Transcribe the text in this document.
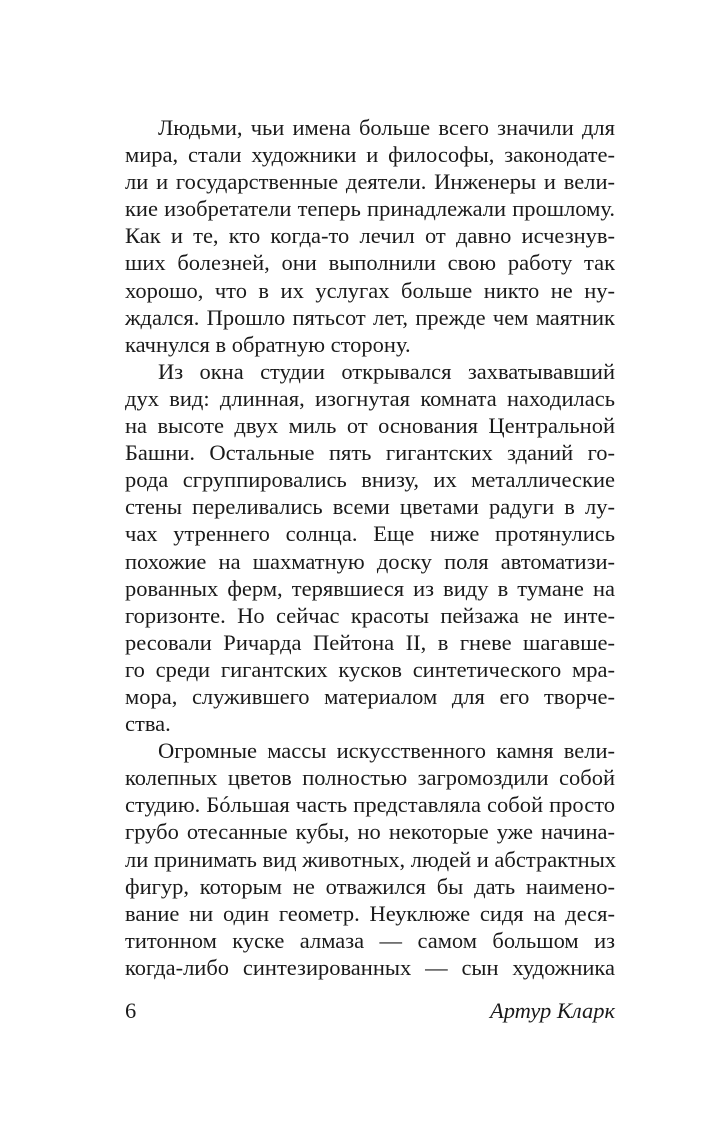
Людьми, чьи имена больше всего значили для
мира, стали художники и философы, законодате-
ли и государственные деятели. Инженеры и вели-
кие изобретатели теперь принадлежали прошлому.
Как и те, кто когда-то лечил от давно исчезнув-
ших болезней, они выполнили свою работу так
хорошо, что в их услугах больше никто не ну-
ждался. Прошло пятьсот лет, прежде чем маятник
качнулся в обратную сторону.
Из окна студии открывался захватывавший
дух вид: длинная, изогнутая комната находилась
на высоте двух миль от основания Центральной
Башни. Остальные пять гигантских зданий го-
рода сгруппировались внизу, их металлические
стены переливались всеми цветами радуги в лу-
чах утреннего солнца. Еще ниже протянулись
похожие на шахматную доску поля автоматизи-
рованных ферм, терявшиеся из виду в тумане на
горизонте. Но сейчас красоты пейзажа не инте-
ресовали Ричарда Пейтона II, в гневе шагавше-
го среди гигантских кусков синтетического мра-
мора, служившего материалом для его творче-
ства.
Огромные массы искусственного камня вели-
колепных цветов полностью загромоздили собой
студию. Бóльшая часть представляла собой просто
грубо отесанные кубы, но некоторые уже начина-
ли принимать вид животных, людей и абстрактных
фигур, которым не отважился бы дать наимено-
вание ни один геометр. Неуклюже сидя на деся-
титонном куске алмаза — самом большом из
когда-либо синтезированных — сын художника
6	Артур Кларк
